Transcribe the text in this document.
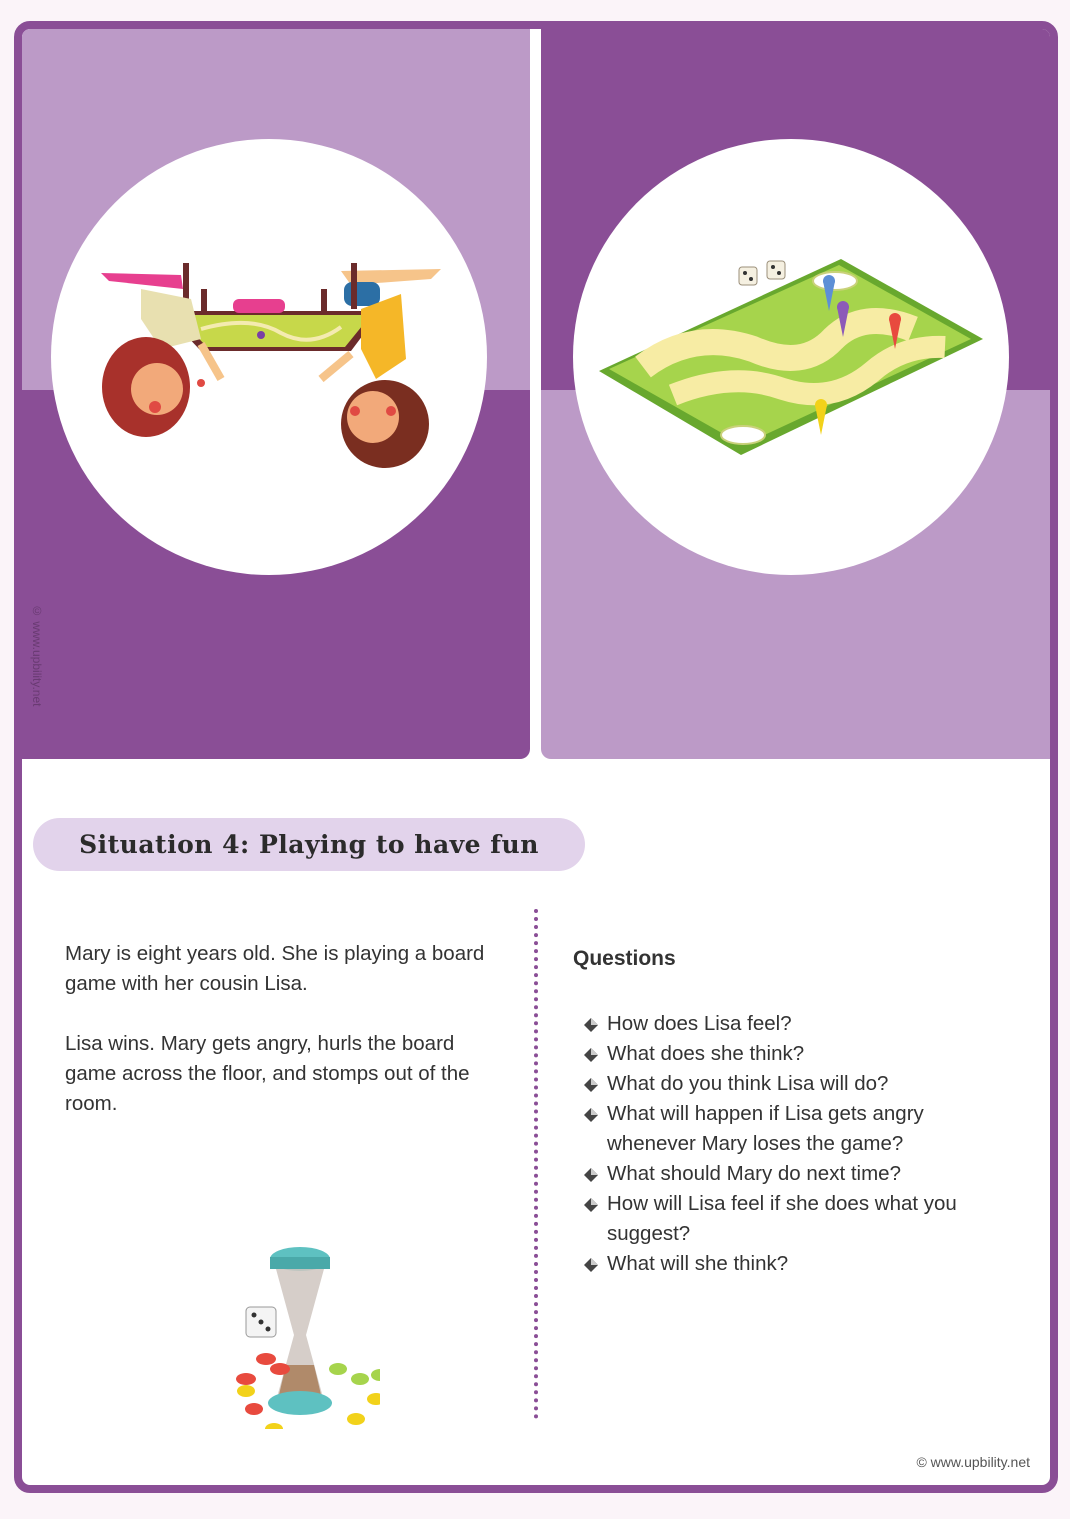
© www.upbility.net
Situation 4: Playing to have fun

Mary is eight years old. She is playing a board game with her cousin Lisa.

Lisa wins. Mary gets angry, hurls the board game across the floor, and stomps out of the room.

Questions
How does Lisa feel?
What does she think?
What do you think Lisa will do?
What will happen if Lisa gets angry whenever Mary loses the game?
What should Mary do next time?
How will Lisa feel if she does what you suggest?
What will she think?
© www.upbility.net
